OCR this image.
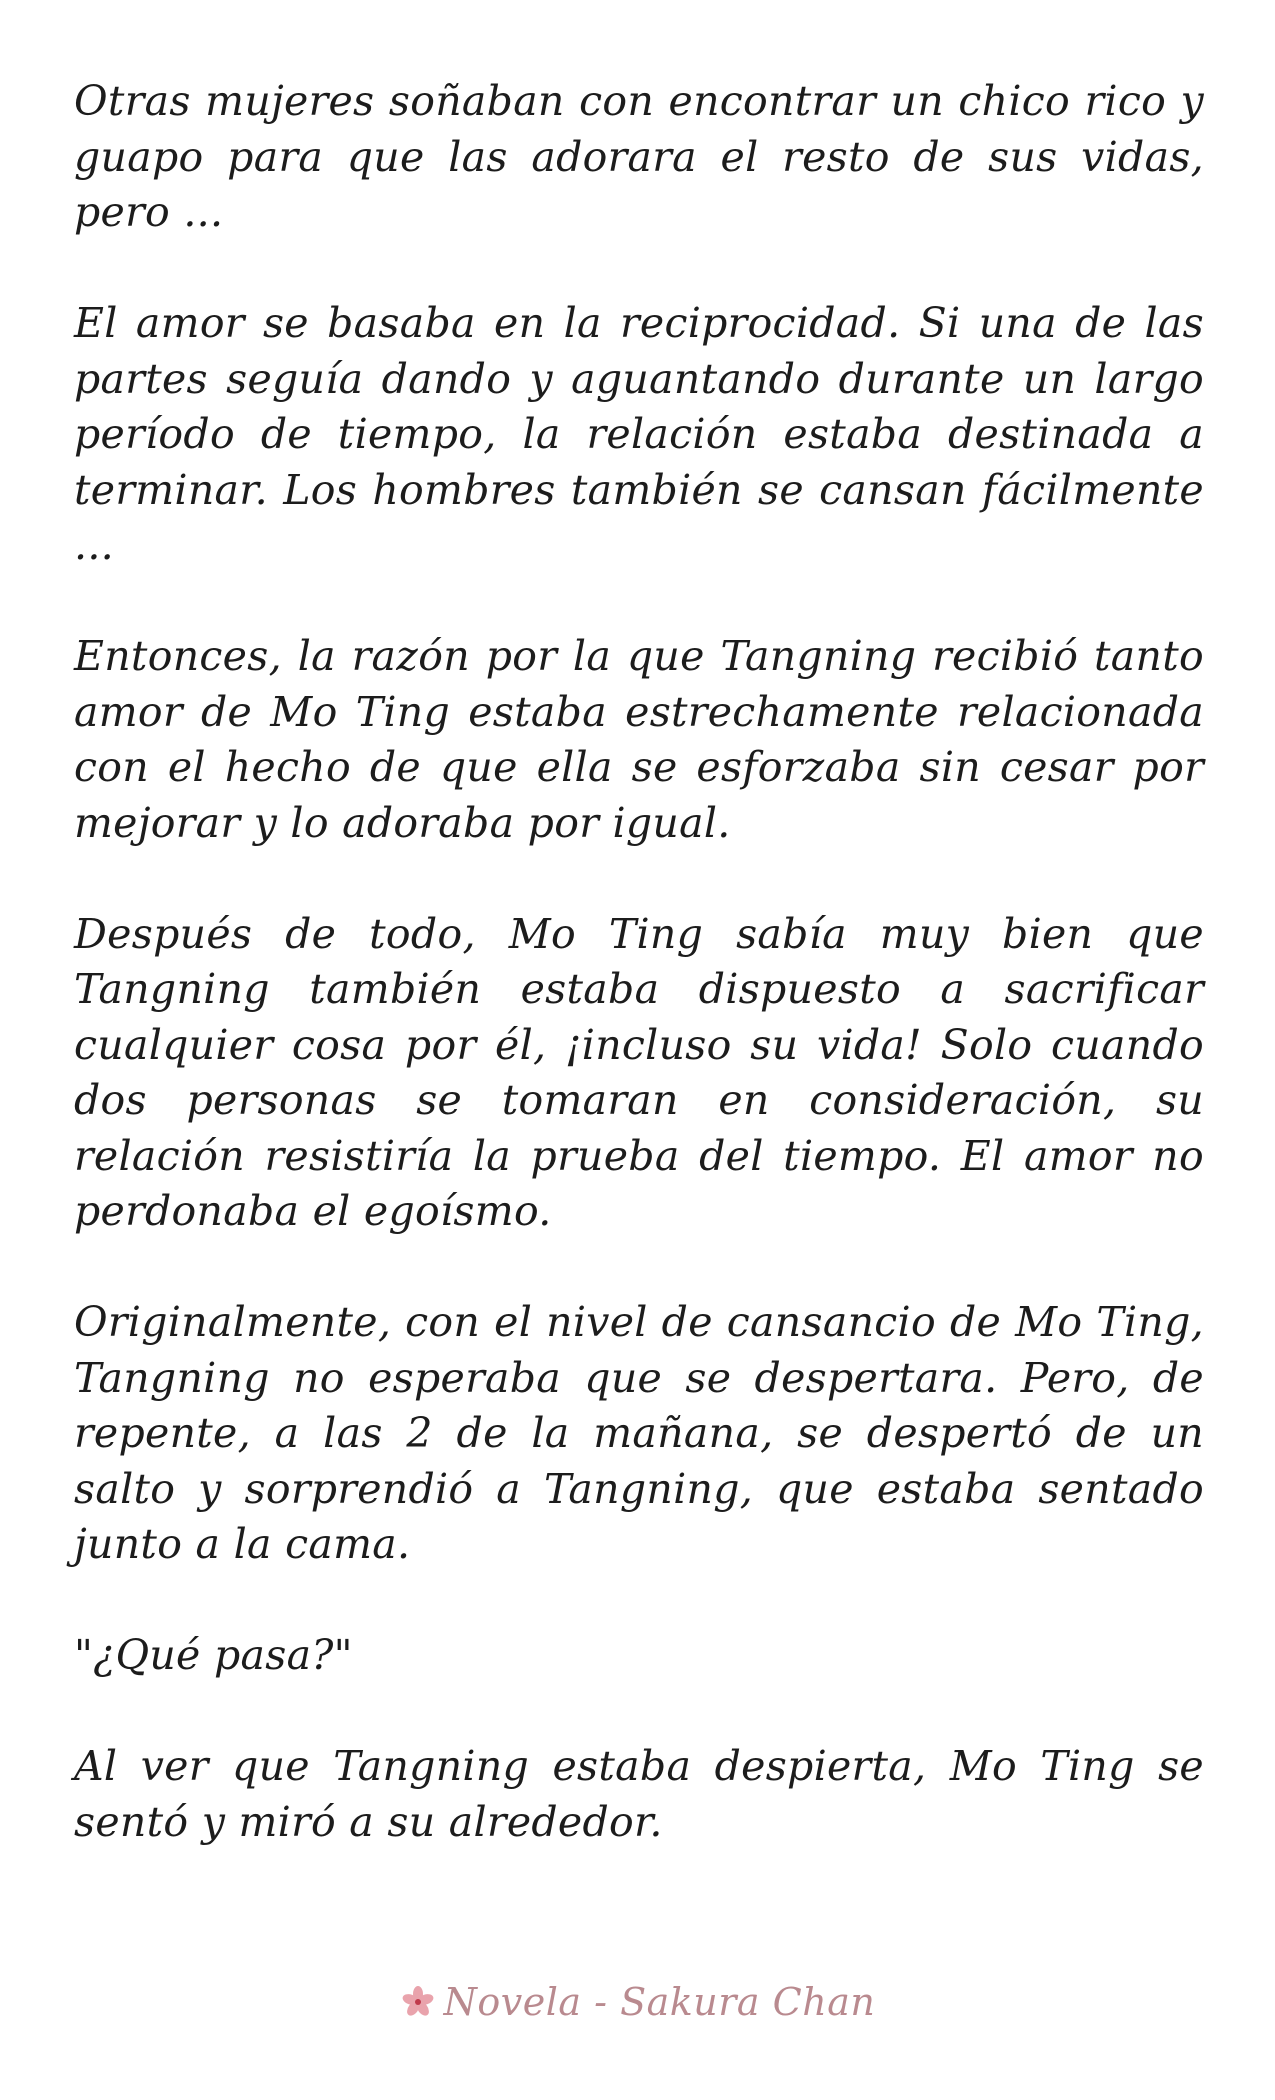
Otras mujeres soñaban con encontrar un chico rico y guapo para que las adorara el resto de sus vidas, pero ...

El amor se basaba en la reciprocidad. Si una de las partes seguía dando y aguantando durante un largo período de tiempo, la relación estaba destinada a terminar. Los hombres también se cansan fácilmente ...

Entonces, la razón por la que Tangning recibió tanto amor de Mo Ting estaba estrechamente relacionada con el hecho de que ella se esforzaba sin cesar por mejorar y lo adoraba por igual.

Después de todo, Mo Ting sabía muy bien que Tangning también estaba dispuesto a sacrificar cualquier cosa por él, ¡incluso su vida! Solo cuando dos personas se tomaran en consideración, su relación resistiría la prueba del tiempo. El amor no perdonaba el egoísmo.

Originalmente, con el nivel de cansancio de Mo Ting, Tangning no esperaba que se despertara. Pero, de repente, a las 2 de la mañana, se despertó de un salto y sorprendió a Tangning, que estaba sentado junto a la cama.

"¿Qué pasa?"

Al ver que Tangning estaba despierta, Mo Ting se sentó y miró a su alrededor.

Novela - Sakura Chan
